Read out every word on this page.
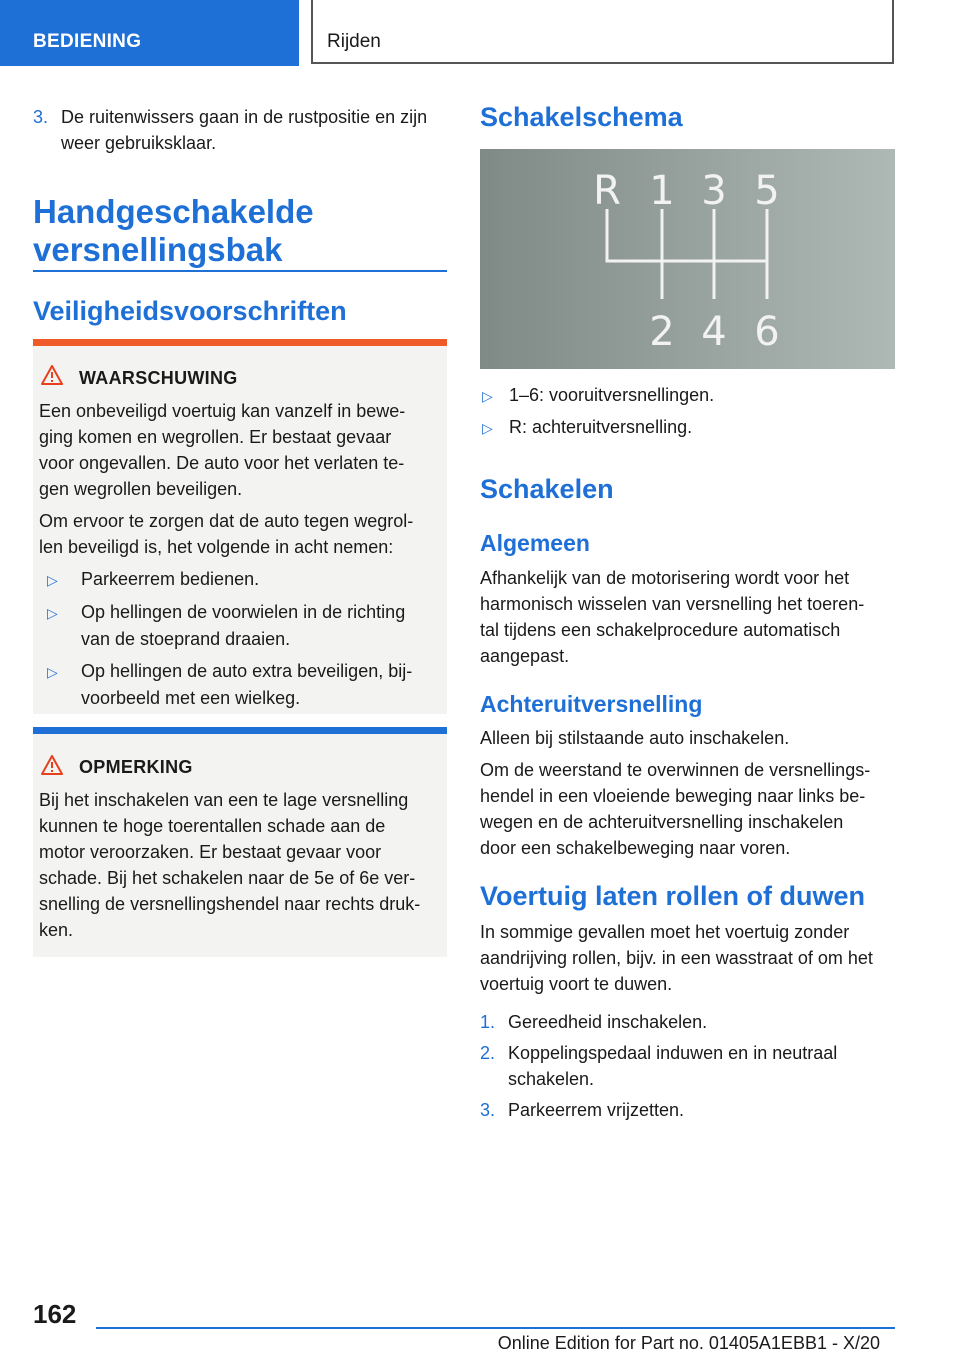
BEDIENING	Rijden

3. De ruitenwissers gaan in de rustpositie en zijn

weer gebruiksklaar.

Handgeschakelde
versnellingsbak
Veiligheidsvoorschriften
WAARSCHUWING

Een onbeveiligd voertuig kan vanzelf in bewe-

ging komen en wegrollen. Er bestaat gevaar

voor ongevallen. De auto voor het verlaten te-

gen wegrollen beveiligen.

Om ervoor te zorgen dat de auto tegen wegrol-

len beveiligd is, het volgende in acht nemen:

▷ Parkeerrem bedienen.

▷ Op hellingen de voorwielen in de richting

van de stoeprand draaien.

▷ Op hellingen de auto extra beveiligen, bij-

voorbeeld met een wielkeg.

OPMERKING

Bij het inschakelen van een te lage versnelling

kunnen te hoge toerentallen schade aan de

motor veroorzaken. Er bestaat gevaar voor

schade. Bij het schakelen naar de 5e of 6e ver-

snelling de versnellingshendel naar rechts druk-

ken.

Schakelschema
R 1 3 5
2 4 6

▷ 1–6: vooruitversnellingen.

▷ R: achteruitversnelling.

Schakelen
Algemeen

Afhankelijk van de motorisering wordt voor het

harmonisch wisselen van versnelling het toeren-

tal tijdens een schakelprocedure automatisch

aangepast.

Achteruitversnelling

Alleen bij stilstaande auto inschakelen.

Om de weerstand te overwinnen de versnellings-

hendel in een vloeiende beweging naar links be-

wegen en de achteruitversnelling inschakelen

door een schakelbeweging naar voren.

Voertuig laten rollen of duwen

In sommige gevallen moet het voertuig zonder

aandrijving rollen, bijv. in een wasstraat of om het

voertuig voort te duwen.

1. Gereedheid inschakelen.

2. Koppelingspedaal induwen en in neutraal

schakelen.

3. Parkeerrem vrijzetten.

162
Online Edition for Part no. 01405A1EBB1 - X/20
